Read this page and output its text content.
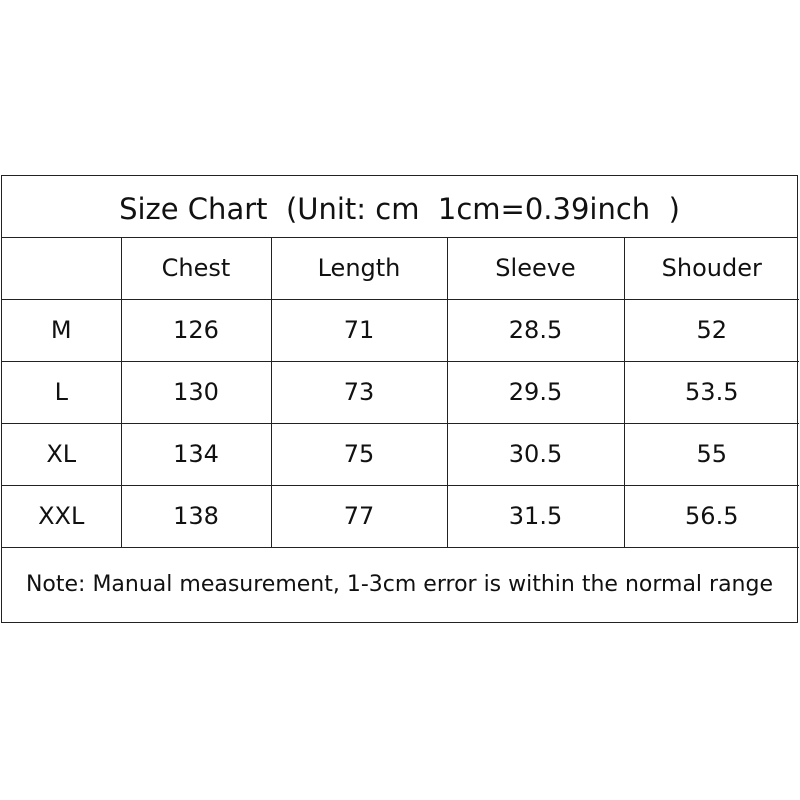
Size Chart  (Unit: cm  1cm=0.39inch  )
	Chest	Length	Sleeve	Shouder
M	126	71	28.5	52
L	130	73	29.5	53.5
XL	134	75	30.5	55
XXL	138	77	31.5	56.5
Note: Manual measurement, 1-3cm error is within the normal range
